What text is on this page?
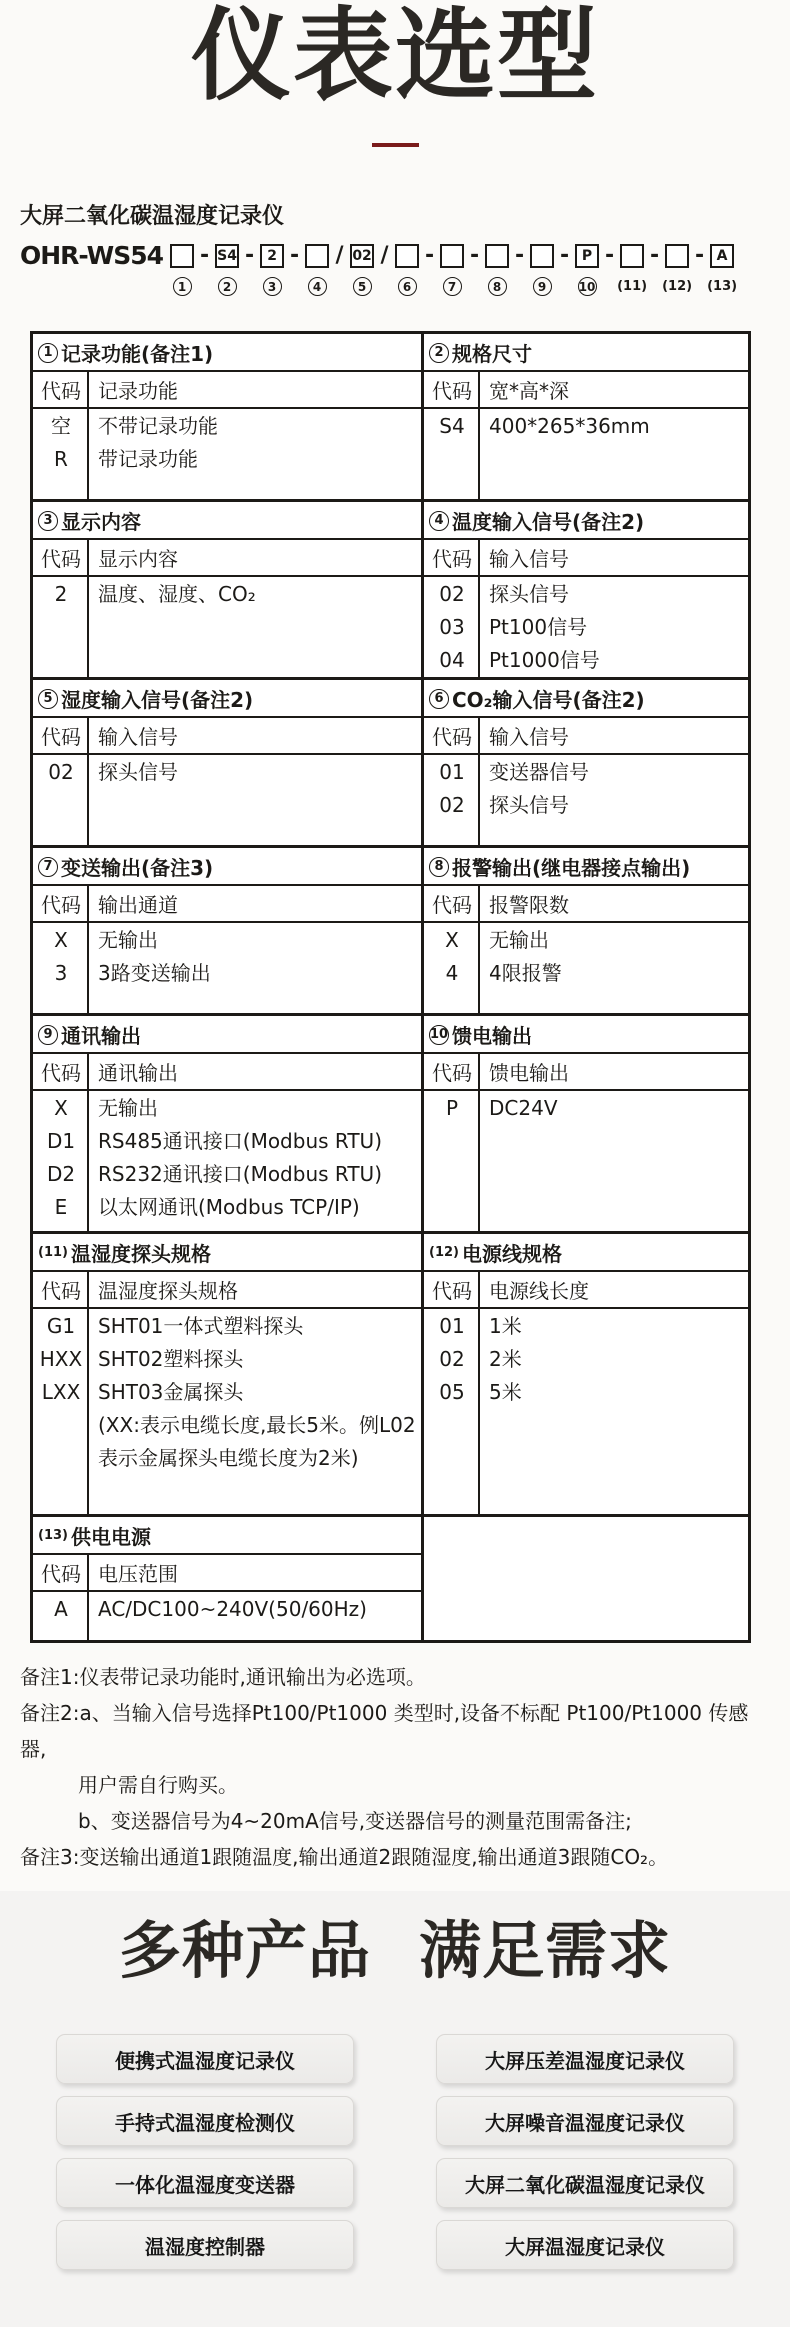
仪表选型
大屏二氧化碳温湿度记录仪
OHR-WS54 -
1
S4 -
2
2 -
3
/
4
02 /
5
-
6
-
7
-
8
-
9
P -
10
-
(11)
-
(12)
A
(13)
1 记录功能(备注1)
代码 记录功能
空	不带记录功能
R	带记录功能
2 规格尺寸
代码 宽*高*深
S4	400*265*36mm
3 显示内容
代码 显示内容
2	温度、湿度、CO₂
4 温度输入信号(备注2)
代码 输入信号
02	探头信号
03	Pt100信号
04	Pt1000信号
5 湿度输入信号(备注2)
代码 输入信号
02	探头信号
6 CO₂输入信号(备注2)
代码 输入信号
01	变送器信号
02	探头信号
7 变送输出(备注3)
代码 输出通道
X	无输出
3	3路变送输出
8 报警输出(继电器接点输出)
代码 报警限数
X	无输出
4	4限报警
9 通讯输出
代码 通讯输出
X	无输出
D1	RS485通讯接口(Modbus RTU)
D2	RS232通讯接口(Modbus RTU)
E	以太网通讯(Modbus TCP/IP)
10 馈电输出
代码 馈电输出
P	DC24V
(11) 温湿度探头规格
代码 温湿度探头规格
G1	SHT01一体式塑料探头
HXX SHT02塑料探头
LXX SHT03金属探头
(XX:表示电缆长度,最长5米。例L02表示金属探头电缆长度为2米)
(12) 电源线规格
代码 电源线长度
01	1米
02	2米
05	5米
(13) 供电电源
代码 电压范围
A	AC/DC100~240V(50/60Hz)
备注1:仪表带记录功能时,通讯输出为必选项。
备注2:a、当输入信号选择Pt100/Pt1000 类型时,设备不标配 Pt100/Pt1000 传感器,
用户需自行购买。
b、变送器信号为4~20mA信号,变送器信号的测量范围需备注;
备注3:变送输出通道1跟随温度,输出通道2跟随湿度,输出通道3跟随CO₂。
多种产品 满足需求
便携式温湿度记录仪	大屏压差温湿度记录仪
手持式温湿度检测仪	大屏噪音温湿度记录仪
一体化温湿度变送器	大屏二氧化碳温湿度记录仪
温湿度控制器	大屏温湿度记录仪
